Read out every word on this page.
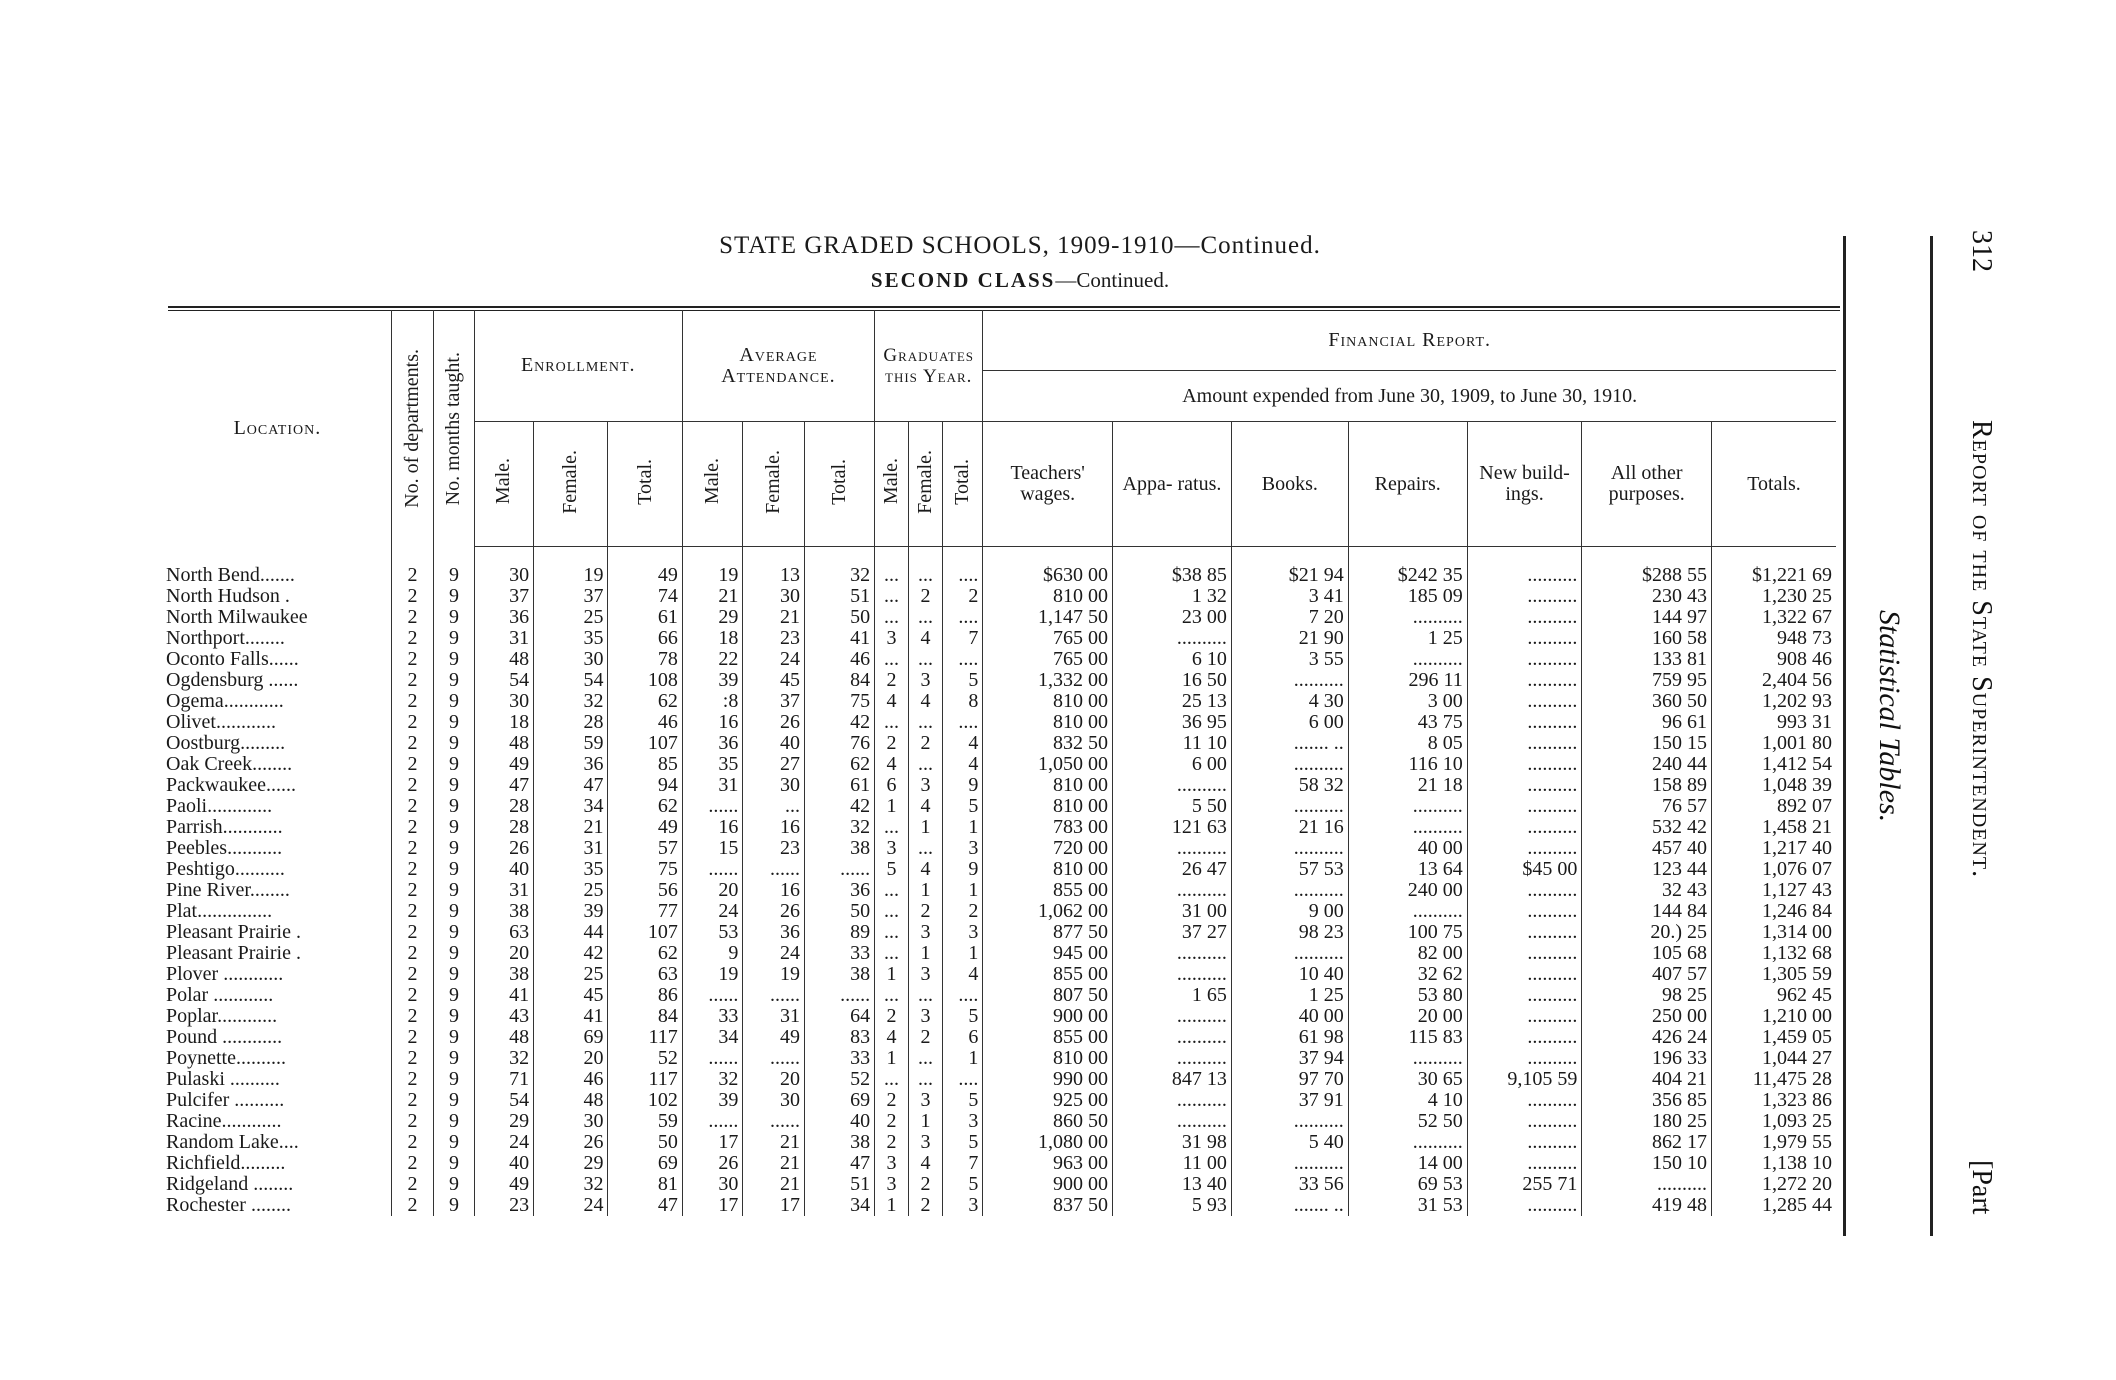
STATE GRADED SCHOOLS, 1909-1910—Continued.
SECOND CLASS—Continued.
312
Report of the State Superintendent.
[Part
Statistical Tables.
Location.	No. of departments.	No. months taught.	Enrollment.			Average Attendance.			Graduates this Year.			Financial Report.						
												Amount expended from June 30, 1909, to June 30, 1910.						
			Male.	Female.	Total.	Male.	Female.	Total.	Male.	Female.	Total.	Teachers' wages.	Appa- ratus.	Books.	Repairs.	New build- ings.	All other purposes.	Totals.

North Bend.......	2	9	30	19	49	19	13	32	...	...	....	$630 00	$38 85	$21 94	$242 35	..........	$288 55	$1,221 69
North Hudson .	2	9	37	37	74	21	30	51	...	2	2	810 00	1 32	3 41	185 09	..........	230 43	1,230 25
North Milwaukee	2	9	36	25	61	29	21	50	...	...	....	1,147 50	23 00	7 20	..........	..........	144 97	1,322 67
Northport........	2	9	31	35	66	18	23	41	3	4	7	765 00	..........	21 90	1 25	..........	160 58	948 73
Oconto Falls......	2	9	48	30	78	22	24	46	...	...	....	765 00	6 10	3 55	..........	..........	133 81	908 46
Ogdensburg ......	2	9	54	54	108	39	45	84	2	3	5	1,332 00	16 50	..........	296 11	..........	759 95	2,404 56
Ogema............	2	9	30	32	62	:8	37	75	4	4	8	810 00	25 13	4 30	3 00	..........	360 50	1,202 93
Olivet............	2	9	18	28	46	16	26	42	...	...	....	810 00	36 95	6 00	43 75	..........	96 61	993 31
Oostburg.........	2	9	48	59	107	36	40	76	2	2	4	832 50	11 10	....... ..	8 05	..........	150 15	1,001 80
Oak Creek........	2	9	49	36	85	35	27	62	4	...	4	1,050 00	6 00	..........	116 10	..........	240 44	1,412 54
Packwaukee......	2	9	47	47	94	31	30	61	6	3	9	810 00	..........	58 32	21 18	..........	158 89	1,048 39
Paoli.............	2	9	28	34	62	......	...	42	1	4	5	810 00	5 50	..........	..........	..........	76 57	892 07
Parrish............	2	9	28	21	49	16	16	32	...	1	1	783 00	121 63	21 16	..........	..........	532 42	1,458 21
Peebles...........	2	9	26	31	57	15	23	38	3	...	3	720 00	..........	..........	40 00	..........	457 40	1,217 40
Peshtigo..........	2	9	40	35	75	......	......	......	5	4	9	810 00	26 47	57 53	13 64	$45 00	123 44	1,076 07
Pine River........	2	9	31	25	56	20	16	36	...	1	1	855 00	..........	..........	240 00	..........	32 43	1,127 43
Plat...............	2	9	38	39	77	24	26	50	...	2	2	1,062 00	31 00	9 00	..........	..........	144 84	1,246 84
Pleasant Prairie .	2	9	63	44	107	53	36	89	...	3	3	877 50	37 27	98 23	100 75	..........	20.) 25	1,314 00
Pleasant Prairie .	2	9	20	42	62	9	24	33	...	1	1	945 00	..........	..........	82 00	..........	105 68	1,132 68
Plover ............	2	9	38	25	63	19	19	38	1	3	4	855 00	..........	10 40	32 62	..........	407 57	1,305 59
Polar ............	2	9	41	45	86	......	......	......	...	...	....	807 50	1 65	1 25	53 80	..........	98 25	962 45
Poplar............	2	9	43	41	84	33	31	64	2	3	5	900 00	..........	40 00	20 00	..........	250 00	1,210 00
Pound ............	2	9	48	69	117	34	49	83	4	2	6	855 00	..........	61 98	115 83	..........	426 24	1,459 05
Poynette..........	2	9	32	20	52	......	......	33	1	...	1	810 00	..........	37 94	..........	..........	196 33	1,044 27
Pulaski ..........	2	9	71	46	117	32	20	52	...	...	....	990 00	847 13	97 70	30 65	9,105 59	404 21	11,475 28
Pulcifer ..........	2	9	54	48	102	39	30	69	2	3	5	925 00	..........	37 91	4 10	..........	356 85	1,323 86
Racine............	2	9	29	30	59	......	......	40	2	1	3	860 50	..........	..........	52 50	..........	180 25	1,093 25
Random Lake....	2	9	24	26	50	17	21	38	2	3	5	1,080 00	31 98	5 40	..........	..........	862 17	1,979 55
Richfield.........	2	9	40	29	69	26	21	47	3	4	7	963 00	11 00	..........	14 00	..........	150 10	1,138 10
Ridgeland ........	2	9	49	32	81	30	21	51	3	2	5	900 00	13 40	33 56	69 53	255 71	..........	1,272 20
Rochester ........	2	9	23	24	47	17	17	34	1	2	3	837 50	5 93	....... ..	31 53	..........	419 48	1,285 44
